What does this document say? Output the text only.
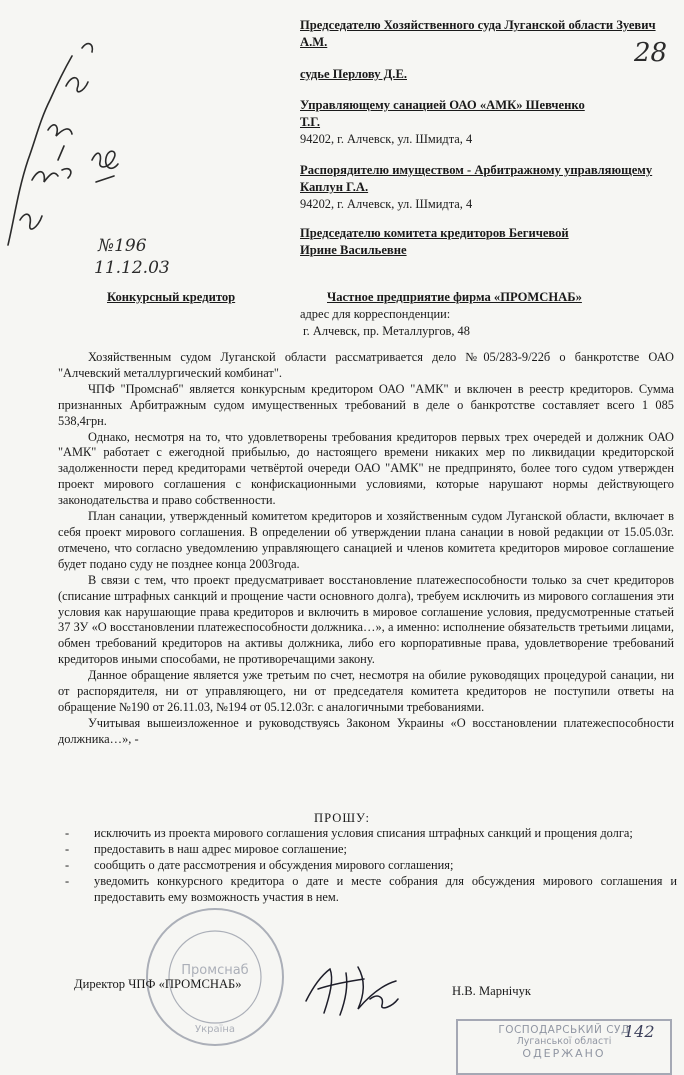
28
Председателю Хозяйственного суда Луганской области Зуевич А.М.
судье Перлову Д.Е.
Управляющему санацией ОАО «АМК» Шевченко Т.Г.
94202, г. Алчевск, ул. Шмидта, 4
Распорядителю имуществом - Арбитражному управляющему Каплун Г.А.
94202, г. Алчевск, ул. Шмидта, 4
Председателю комитета кредиторов Бегичевой Ирине Васильевне
№196
11.12.03
Конкурсный кредитор	Частное предприятие фирма «ПРОМСНАБ»
адрес для корреспонденции:
г. Алчевск, пр. Металлургов, 48

Хозяйственным судом Луганской области рассматривается дело №05/283-9/22б о банкротстве ОАО "Алчевский металлургический комбинат".

ЧПФ "Промснаб" является конкурсным кредитором ОАО "АМК" и включен в реестр кредиторов. Сумма признанных Арбитражным судом имущественных требований в деле о банкротстве составляет всего 1 085 538,4грн.

Однако, несмотря на то, что удовлетворены требования кредиторов первых трех очередей и должник ОАО "АМК" работает с ежегодной прибылью, до настоящего времени никаких мер по ликвидации кредиторской задолженности перед кредиторами четвёртой очереди ОАО "АМК" не предпринято, более того судом утвержден проект мирового соглашения с конфискационными условиями, которые нарушают нормы действующего законодательства и право собственности.

План санации, утвержденный комитетом кредиторов и хозяйственным судом Луганской области, включает в себя проект мирового соглашения. В определении об утверждении плана санации в новой редакции от 15.05.03г. отмечено, что согласно уведомлению управляющего санацией и членов комитета кредиторов мировое соглашение будет подано суду не позднее конца 2003года.

В связи с тем, что проект предусматривает восстановление платежеспособности только за счет кредиторов (списание штрафных санкций и прощение части основного долга), требуем исключить из мирового соглашения эти условия как нарушающие права кредиторов и включить в мировое соглашение условия, предусмотренные статьей 37 ЗУ «О восстановлении платежеспособности должника…», а именно: исполнение обязательств третьими лицами, обмен требований кредиторов на активы должника, либо его корпоративные права, удовлетворение требований кредиторов иными способами, не противоречащими закону.

Данное обращение является уже третьим по счет, несмотря на обилие руководящих процедурой санации, ни от распорядителя, ни от управляющего, ни от председателя комитета кредиторов не поступили ответы на обращение №190 от 26.11.03, №194 от 05.12.03г. с аналогичными требованиями.

Учитывая вышеизложенное и руководствуясь Законом Украины «О восстановлении платежеспособности должника…», -

ПРОШУ:
- исключить из проекта мирового соглашения условия списания штрафных санкций и прощения долга;
- предоставить в наш адрес мировое соглашение;
- сообщить о дате рассмотрения и обсуждения мирового соглашения;
- уведомить конкурсного кредитора о дате и месте собрания для обсуждения мирового соглашения и предоставить ему возможность участия в нем.
Промснаб
Україна
Директор ЧПФ «ПРОМСНАБ»	Н.В. Марнічук
ГОСПОДАРСЬКИЙ СУД
Луганської області
ОДЕРЖАНО
142
